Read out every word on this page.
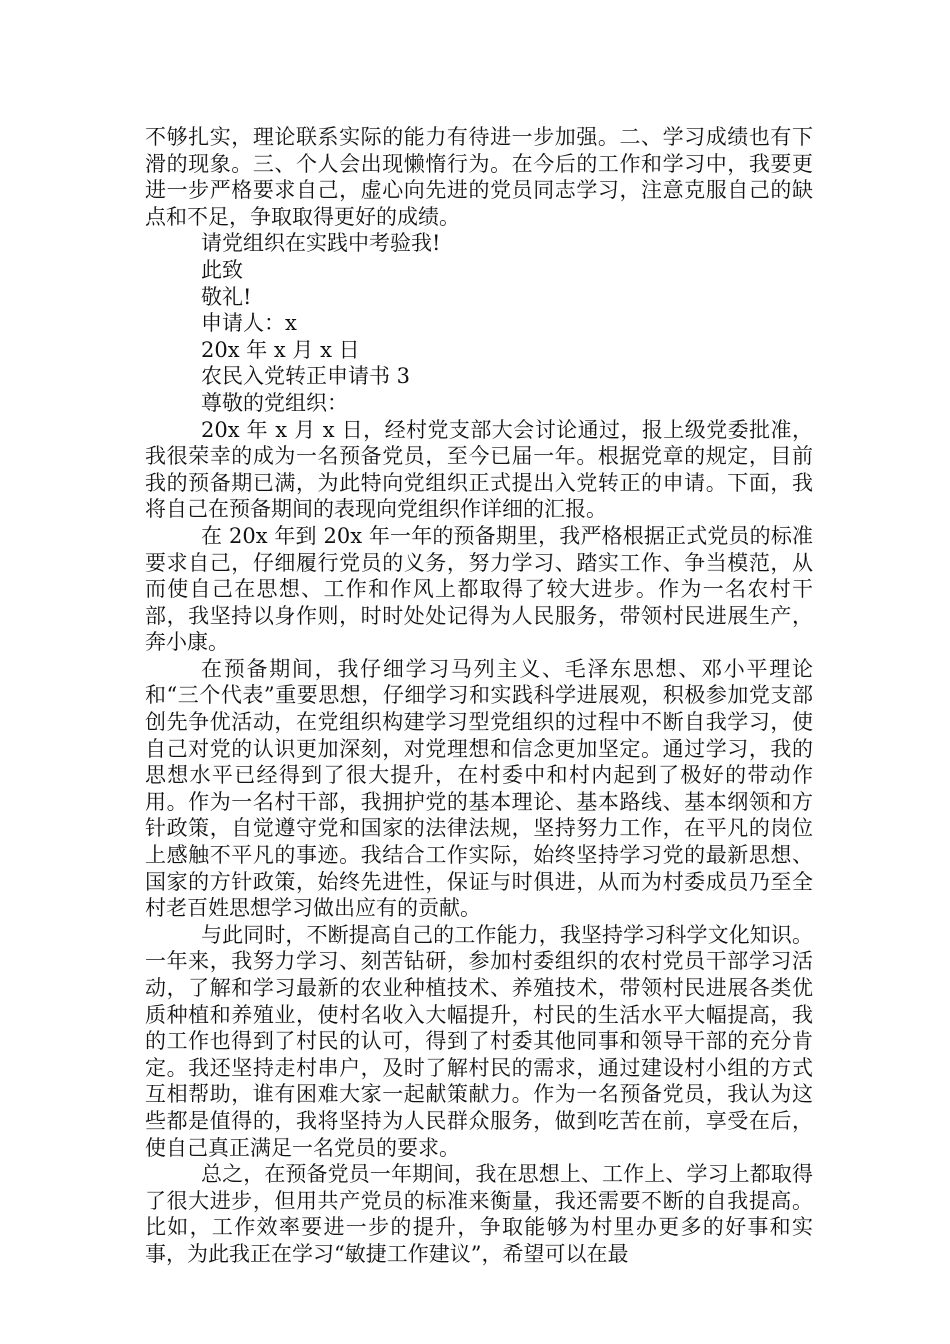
不够扎实，理论联系实际的能力有待进一步加强。二、学习成绩也有下滑的现象。三、个人会出现懒惰行为。在今后的工作和学习中，我要更进一步严格要求自己，虚心向先进的党员同志学习，注意克服自己的缺点和不足，争取取得更好的成绩。

请党组织在实践中考验我!

此致

敬礼!

申请人：x

20x 年 x 月 x 日

农民入党转正申请书 3

尊敬的党组织：

20x 年 x 月 x 日，经村党支部大会讨论通过，报上级党委批准，我很荣幸的成为一名预备党员，至今已届一年。根据党章的规定，目前我的预备期已满，为此特向党组织正式提出入党转正的申请。下面，我将自己在预备期间的表现向党组织作详细的汇报。

在 20x 年到 20x 年一年的预备期里，我严格根据正式党员的标准要求自己，仔细履行党员的义务，努力学习、踏实工作、争当模范，从而使自己在思想、工作和作风上都取得了较大进步。作为一名农村干部，我坚持以身作则，时时处处记得为人民服务，带领村民进展生产，奔小康。

在预备期间，我仔细学习马列主义、毛泽东思想、邓小平理论和“三个代表”重要思想，仔细学习和实践科学进展观，积极参加党支部创先争优活动，在党组织构建学习型党组织的过程中不断自我学习，使自己对党的认识更加深刻，对党理想和信念更加坚定。通过学习，我的思想水平已经得到了很大提升，在村委中和村内起到了极好的带动作用。作为一名村干部，我拥护党的基本理论、基本路线、基本纲领和方针政策，自觉遵守党和国家的法律法规，坚持努力工作，在平凡的岗位上感触不平凡的事迹。我结合工作实际，始终坚持学习党的最新思想、国家的方针政策，始终先进性，保证与时俱进，从而为村委成员乃至全村老百姓思想学习做出应有的贡献。

与此同时，不断提高自己的工作能力，我坚持学习科学文化知识。一年来，我努力学习、刻苦钻研，参加村委组织的农村党员干部学习活动，了解和学习最新的农业种植技术、养殖技术，带领村民进展各类优质种植和养殖业，使村名收入大幅提升，村民的生活水平大幅提高，我的工作也得到了村民的认可，得到了村委其他同事和领导干部的充分肯定。我还坚持走村串户，及时了解村民的需求，通过建设村小组的方式互相帮助，谁有困难大家一起献策献力。作为一名预备党员，我认为这些都是值得的，我将坚持为人民群众服务，做到吃苦在前，享受在后，使自己真正满足一名党员的要求。

总之，在预备党员一年期间，我在思想上、工作上、学习上都取得了很大进步，但用共产党员的标准来衡量，我还需要不断的自我提高。比如，工作效率要进一步的提升，争取能够为村里办更多的好事和实事，为此我正在学习“敏捷工作建议”，希望可以在最
